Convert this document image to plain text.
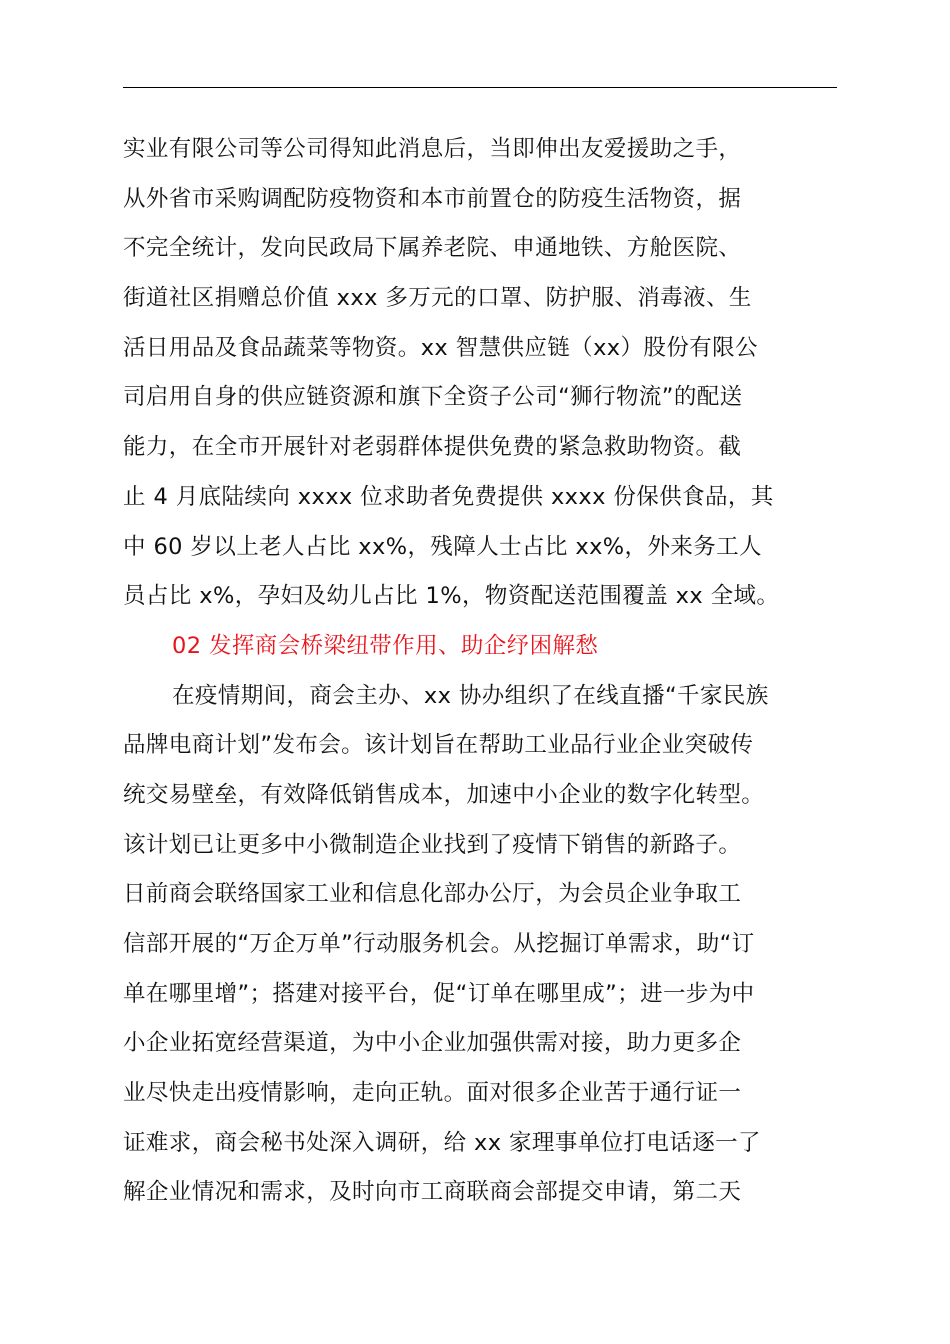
实业有限公司等公司得知此消息后，当即伸出友爱援助之手，
从外省市采购调配防疫物资和本市前置仓的防疫生活物资，据
不完全统计，发向民政局下属养老院、申通地铁、方舱医院、
街道社区捐赠总价值 xxx 多万元的口罩、防护服、消毒液、生
活日用品及食品蔬菜等物资。xx 智慧供应链（xx）股份有限公
司启用自身的供应链资源和旗下全资子公司“狮行物流”的配送
能力，在全市开展针对老弱群体提供免费的紧急救助物资。截
止 4 月底陆续向 xxxx 位求助者免费提供 xxxx 份保供食品，其
中 60 岁以上老人占比 xx%，残障人士占比 xx%，外来务工人
员占比 x%，孕妇及幼儿占比 1%，物资配送范围覆盖 xx 全域。
02 发挥商会桥梁纽带作用、助企纾困解愁
在疫情期间，商会主办、xx 协办组织了在线直播“千家民族
品牌电商计划”发布会。该计划旨在帮助工业品行业企业突破传
统交易壁垒，有效降低销售成本，加速中小企业的数字化转型。
该计划已让更多中小微制造企业找到了疫情下销售的新路子。
日前商会联络国家工业和信息化部办公厅，为会员企业争取工
信部开展的“万企万单”行动服务机会。从挖掘订单需求，助“订
单在哪里增”；搭建对接平台，促“订单在哪里成”；进一步为中
小企业拓宽经营渠道，为中小企业加强供需对接，助力更多企
业尽快走出疫情影响，走向正轨。面对很多企业苦于通行证一
证难求，商会秘书处深入调研，给 xx 家理事单位打电话逐一了
解企业情况和需求，及时向市工商联商会部提交申请，第二天
